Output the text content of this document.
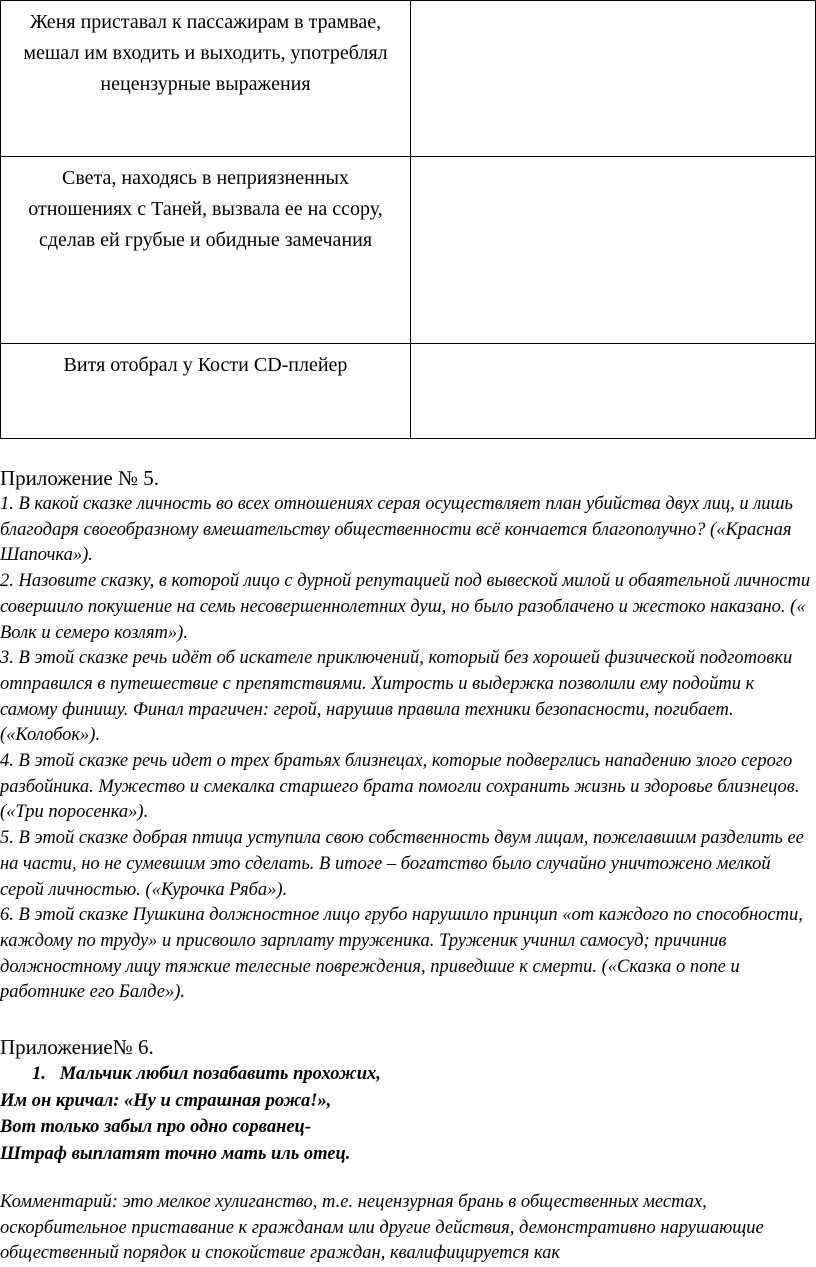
Женя приставал к пассажирам в трамвае, мешал им входить и выходить, употреблял нецензурные выражения	

Света, находясь в неприязненных отношениях с Таней, вызвала ее на ссору, сделав ей грубые и обидные замечания	

Витя отобрал у Кости CD-плейер	

Приложение № 5.
1. В какой сказке личность во всех отношениях серая осуществляет план убийства двух лиц, и лишь благодаря своеобразному вмешательству общественности всё кончается благополучно? («Красная Шапочка»).
2. Назовите сказку, в которой лицо с дурной репутацией под вывеской милой и обаятельной личности совершило покушение на семь несовершеннолетних душ, но было разоблачено и жестоко наказано. (« Волк и семеро козлят»).
3. В этой сказке речь идёт об искателе приключений, который без хорошей физической подготовки отправился в путешествие с препятствиями. Хитрость и выдержка позволили ему подойти к самому финишу. Финал трагичен: герой, нарушив правила техники безопасности, погибает. («Колобок»).
4. В этой сказке речь идет о трех братьях близнецах, которые подверглись нападению злого серого разбойника. Мужество и смекалка старшего брата помогли сохранить жизнь и здоровье близнецов. («Три поросенка»).
5. В этой сказке добрая птица уступила свою собственность двум лицам, пожелавшим разделить ее на части, но не сумевшим это сделать. В итоге – богатство было случайно уничтожено мелкой серой личностью. («Курочка Ряба»).
6. В этой сказке Пушкина должностное лицо грубо нарушило принцип «от каждого по способности, каждому по труду» и присвоило зарплату труженика. Труженик учинил самосуд; причинив должностному лицу тяжкие телесные повреждения, приведшие к смерти. («Сказка о попе и работнике его Балде»).
Приложение№ 6.
1. Мальчик любил позабавить прохожих,
Им он кричал: «Ну и страшная рожа!»,
Вот только забыл про одно сорванец-
Штраф выплатят точно мать иль отец.
Комментарий: это мелкое хулиганство, т.е. нецензурная брань в общественных местах, оскорбительное приставание к гражданам или другие действия, демонстративно нарушающие общественный порядок и спокойствие граждан, квалифицируется как
